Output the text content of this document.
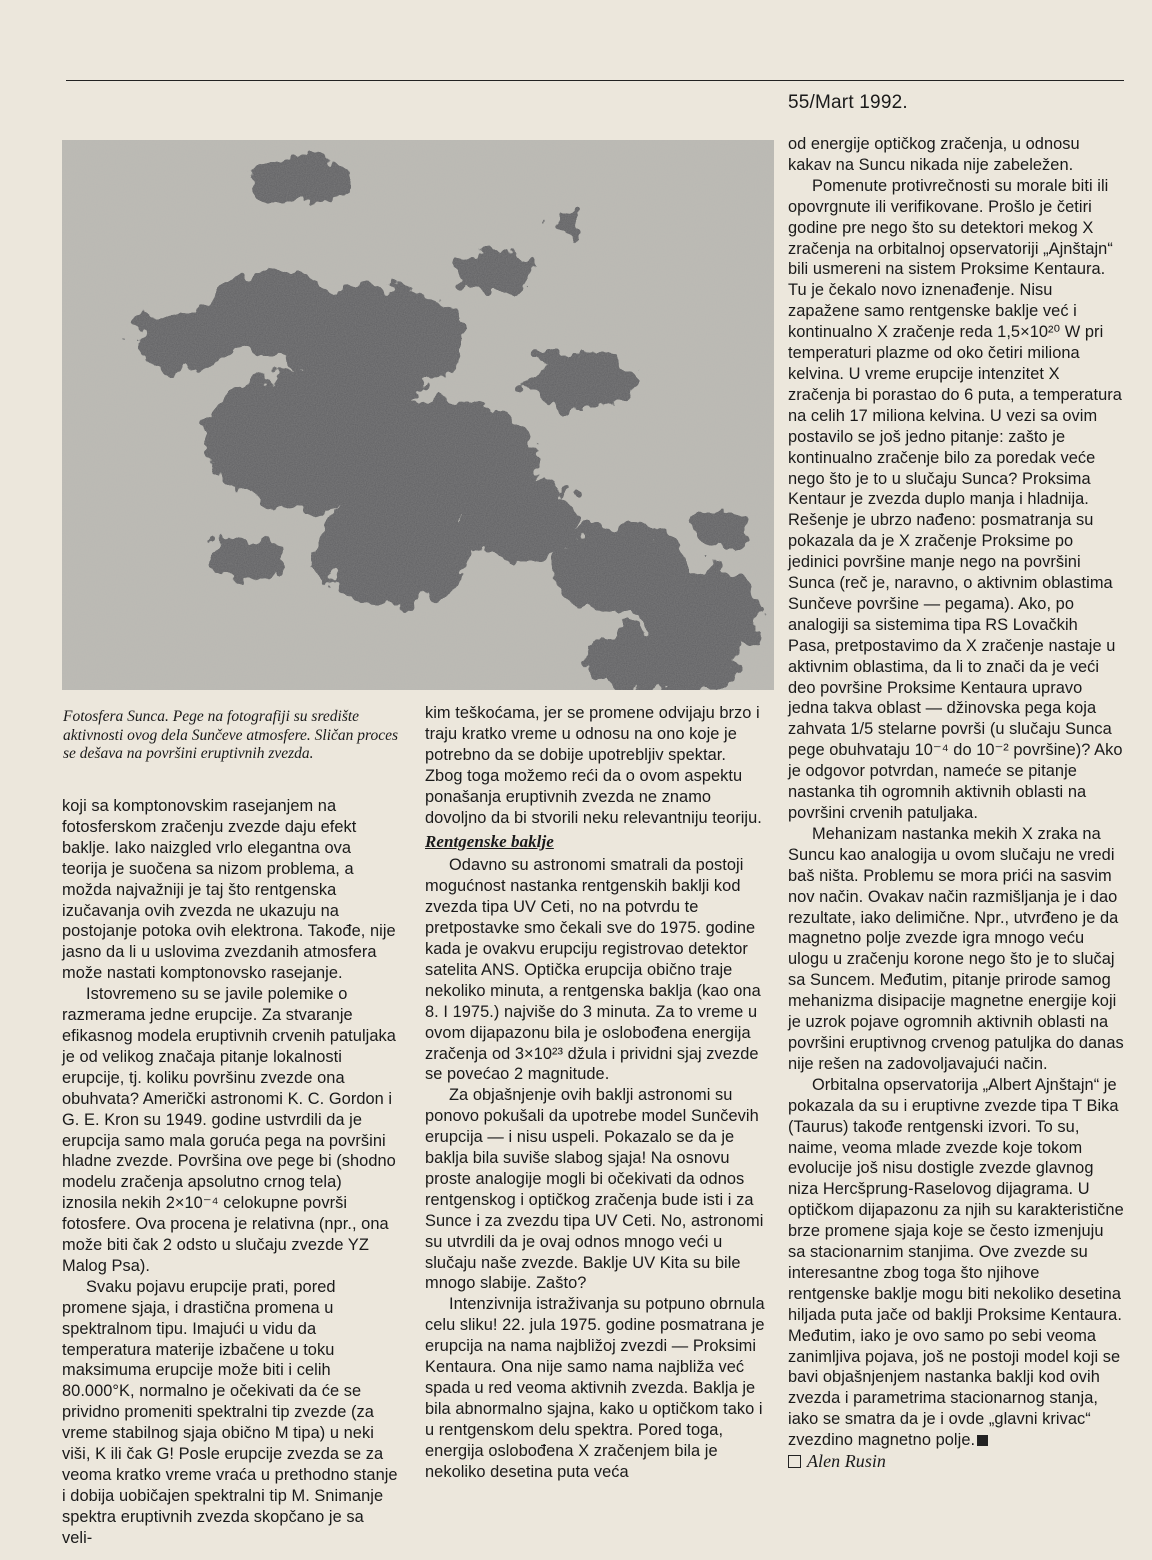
55/Mart 1992.

Fotosfera Sunca. Pege na fotografiji su središte aktivnosti ovog dela Sunčeve atmosfere. Sličan proces se dešava na površini eruptivnih zvezda.

koji sa komptonovskim rasejanjem na fotosferskom zračenju zvezde daju efekt baklje. Iako naizgled vrlo elegantna ova teorija je suočena sa nizom problema, a možda najvažniji je taj što rentgenska izučavanja ovih zvezda ne ukazuju na postojanje potoka ovih elektrona. Takođe, nije jasno da li u uslovima zvezdanih atmosfera može nastati komptonovsko rasejanje.

Istovremeno su se javile polemike o razmerama jedne erupcije. Za stvaranje efikasnog modela eruptivnih crvenih patuljaka je od velikog značaja pitanje lokalnosti erupcije, tj. koliku površinu zvezde ona obuhvata? Američki astronomi K. C. Gordon i G. E. Kron su 1949. godine ustvrdili da je erupcija samo mala goruća pega na površini hladne zvezde. Površina ove pege bi (shodno modelu zračenja apsolutno crnog tela) iznosila nekih 2×10⁻⁴ celokupne površi fotosfere. Ova procena je relativna (npr., ona može biti čak 2 odsto u slučaju zvezde YZ Malog Psa).

Svaku pojavu erupcije prati, pored promene sjaja, i drastična promena u spektralnom tipu. Imajući u vidu da temperatura materije izbačene u toku maksimuma erupcije može biti i celih 80.000°K, normalno je očekivati da će se prividno promeniti spektralni tip zvezde (za vreme stabilnog sjaja obično M tipa) u neki viši, K ili čak G! Posle erupcije zvezda se za veoma kratko vreme vraća u prethodno stanje i dobija uobičajen spektralni tip M. Snimanje spektra eruptivnih zvezda skopčano je sa veli-

kim teškoćama, jer se promene odvijaju brzo i traju kratko vreme u odnosu na ono koje je potrebno da se dobije upotrebljiv spektar. Zbog toga možemo reći da o ovom aspektu ponašanja eruptivnih zvezda ne znamo dovoljno da bi stvorili neku relevantniju teoriju.

Rentgenske baklje

Odavno su astronomi smatrali da postoji mogućnost nastanka rentgenskih baklji kod zvezda tipa UV Ceti, no na potvrdu te pretpostavke smo čekali sve do 1975. godine kada je ovakvu erupciju registrovao detektor satelita ANS. Optička erupcija obično traje nekoliko minuta, a rentgenska baklja (kao ona 8. I 1975.) najviše do 3 minuta. Za to vreme u ovom dijapazonu bila je oslobođena energija zračenja od 3×10²³ džula i prividni sjaj zvezde se povećao 2 magnitude.

Za objašnjenje ovih baklji astronomi su ponovo pokušali da upotrebe model Sunčevih erupcija — i nisu uspeli. Pokazalo se da je baklja bila suviše slabog sjaja! Na osnovu proste analogije mogli bi očekivati da odnos rentgenskog i optičkog zračenja bude isti i za Sunce i za zvezdu tipa UV Ceti. No, astronomi su utvrdili da je ovaj odnos mnogo veći u slučaju naše zvezde. Baklje UV Kita su bile mnogo slabije. Zašto?

Intenzivnija istraživanja su potpuno obrnula celu sliku! 22. jula 1975. godine posmatrana je erupcija na nama najbližoj zvezdi — Proksimi Kentaura. Ona nije samo nama najbliža već spada u red veoma aktivnih zvezda. Baklja je bila abnormalno sjajna, kako u optičkom tako i u rentgenskom delu spektra. Pored toga, energija oslobođena X zračenjem bila je nekoliko desetina puta veća

od energije optičkog zračenja, u odnosu kakav na Suncu nikada nije zabeležen.

Pomenute protivrečnosti su morale biti ili opovrgnute ili verifikovane. Prošlo je četiri godine pre nego što su detektori mekog X zračenja na orbitalnoj opservatoriji „Ajnštajn“ bili usmereni na sistem Proksime Kentaura. Tu je čekalo novo iznenađenje. Nisu zapažene samo rentgenske baklje već i kontinualno X zračenje reda 1,5×10²⁰ W pri temperaturi plazme od oko četiri miliona kelvina. U vreme erupcije intenzitet X zračenja bi porastao do 6 puta, a temperatura na celih 17 miliona kelvina. U vezi sa ovim postavilo se još jedno pitanje: zašto je kontinualno zračenje bilo za poredak veće nego što je to u slučaju Sunca? Proksima Kentaur je zvezda duplo manja i hladnija. Rešenje je ubrzo nađeno: posmatranja su pokazala da je X zračenje Proksime po jedinici površine manje nego na površini Sunca (reč je, naravno, o aktivnim oblastima Sunčeve površine — pegama). Ako, po analogiji sa sistemima tipa RS Lovačkih Pasa, pretpostavimo da X zračenje nastaje u aktivnim oblastima, da li to znači da je veći deo površine Proksime Kentaura upravo jedna takva oblast — džinovska pega koja zahvata 1/5 stelarne površi (u slučaju Sunca pege obuhvataju 10⁻⁴ do 10⁻² površine)? Ako je odgovor potvrdan, nameće se pitanje nastanka tih ogromnih aktivnih oblasti na površini crvenih patuljaka.

Mehanizam nastanka mekih X zraka na Suncu kao analogija u ovom slučaju ne vredi baš ništa. Problemu se mora prići na sasvim nov način. Ovakav način razmišljanja je i dao rezultate, iako delimične. Npr., utvrđeno je da magnetno polje zvezde igra mnogo veću ulogu u zračenju korone nego što je to slučaj sa Suncem. Međutim, pitanje prirode samog mehanizma disipacije magnetne energije koji je uzrok pojave ogromnih aktivnih oblasti na površini eruptivnog crvenog patuljka do danas nije rešen na zadovoljavajući način.

Orbitalna opservatorija „Albert Ajnštajn“ je pokazala da su i eruptivne zvezde tipa T Bika (Taurus) takođe rentgenski izvori. To su, naime, veoma mlade zvezde koje tokom evolucije još nisu dostigle zvezde glavnog niza Hercšprung-Raselovog dijagrama. U optičkom dijapazonu za njih su karakteristične brze promene sjaja koje se često izmenjuju sa stacionarnim stanjima. Ove zvezde su interesantne zbog toga što njihove rentgenske baklje mogu biti nekoliko desetina hiljada puta jače od baklji Proksime Kentaura. Međutim, iako je ovo samo po sebi veoma zanimljiva pojava, još ne postoji model koji se bavi objašnjenjem nastanka baklji kod ovih zvezda i parametrima stacionarnog stanja, iako se smatra da je i ovde „glavni krivac“ zvezdino magnetno polje.

Alen Rusin
